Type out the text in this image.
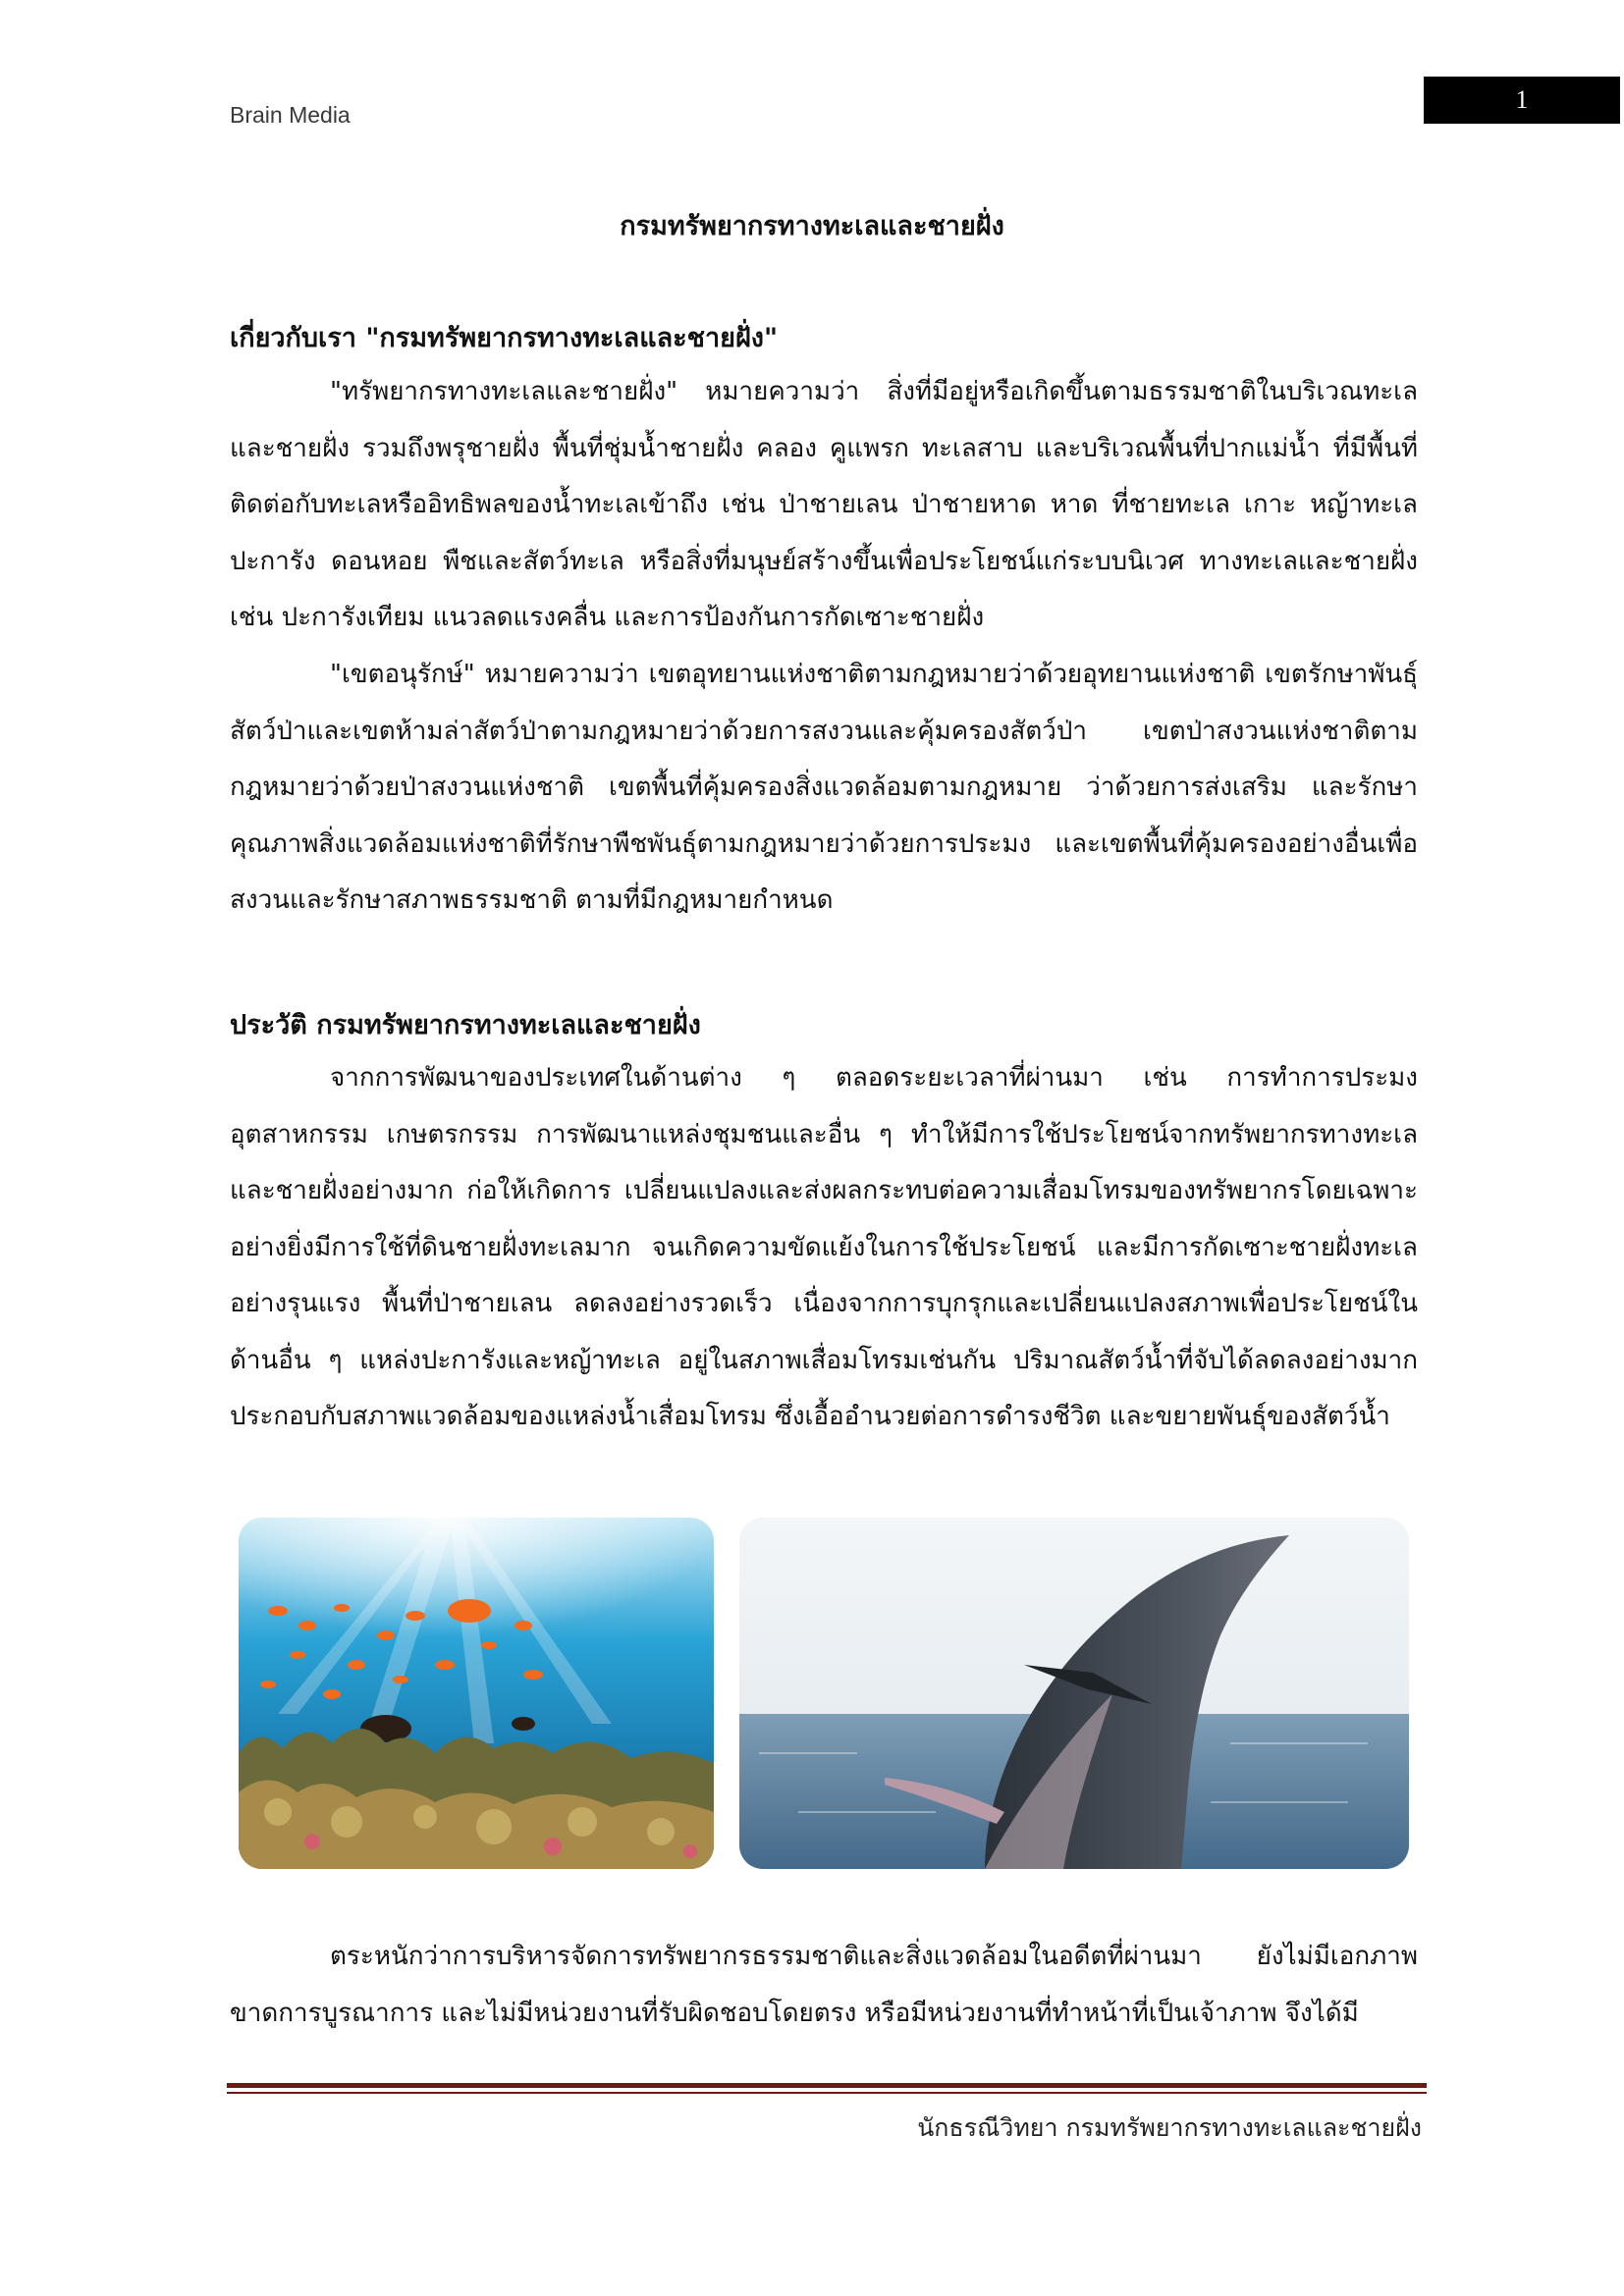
Brain Media
1
กรมทรัพยากรทางทะเลและชายฝั่ง
เกี่ยวกับเรา "กรมทรัพยากรทางทะเลและชายฝั่ง"

"ทรัพยากรทางทะเลและชายฝั่ง" หมายความว่า สิ่งที่มีอยู่หรือเกิดขึ้นตามธรรมชาติในบริเวณทะเลและชายฝั่ง รวมถึงพรุชายฝั่ง พื้นที่ชุ่มน้ำชายฝั่ง คลอง คูแพรก ทะเลสาบ และบริเวณพื้นที่ปากแม่น้ำ ที่มีพื้นที่ติดต่อกับทะเลหรืออิทธิพลของน้ำทะเลเข้าถึง เช่น ป่าชายเลน ป่าชายหาด หาด ที่ชายทะเล เกาะ หญ้าทะเล ปะการัง ดอนหอย พืชและสัตว์ทะเล หรือสิ่งที่มนุษย์สร้างขึ้นเพื่อประโยชน์แก่ระบบนิเวศ ทางทะเลและชายฝั่ง เช่น ปะการังเทียม แนวลดแรงคลื่น และการป้องกันการกัดเซาะชายฝั่ง

"เขตอนุรักษ์" หมายความว่า เขตอุทยานแห่งชาติตามกฎหมายว่าด้วยอุทยานแห่งชาติ เขตรักษาพันธุ์สัตว์ป่าและเขตห้ามล่าสัตว์ป่าตามกฎหมายว่าด้วยการสงวนและคุ้มครองสัตว์ป่า เขตป่าสงวนแห่งชาติตามกฎหมายว่าด้วยป่าสงวนแห่งชาติ เขตพื้นที่คุ้มครองสิ่งแวดล้อมตามกฎหมาย ว่าด้วยการส่งเสริม และรักษาคุณภาพสิ่งแวดล้อมแห่งชาติที่รักษาพืชพันธุ์ตามกฎหมายว่าด้วยการประมง และเขตพื้นที่คุ้มครองอย่างอื่นเพื่อสงวนและรักษาสภาพธรรมชาติ ตามที่มีกฎหมายกำหนด

ประวัติ กรมทรัพยากรทางทะเลและชายฝั่ง

จากการพัฒนาของประเทศในด้านต่าง ๆ ตลอดระยะเวลาที่ผ่านมา เช่น การทำการประมง อุตสาหกรรม เกษตรกรรม การพัฒนาแหล่งชุมชนและอื่น ๆ ทำให้มีการใช้ประโยชน์จากทรัพยากรทางทะเลและชายฝั่งอย่างมาก ก่อให้เกิดการ เปลี่ยนแปลงและส่งผลกระทบต่อความเสื่อมโทรมของทรัพยากรโดยเฉพาะอย่างยิ่งมีการใช้ที่ดินชายฝั่งทะเลมาก จนเกิดความขัดแย้งในการใช้ประโยชน์ และมีการกัดเซาะชายฝั่งทะเลอย่างรุนแรง พื้นที่ป่าชายเลน ลดลงอย่างรวดเร็ว เนื่องจากการบุกรุกและเปลี่ยนแปลงสภาพเพื่อประโยชน์ในด้านอื่น ๆ แหล่งปะการังและหญ้าทะเล อยู่ในสภาพเสื่อมโทรมเช่นกัน ปริมาณสัตว์น้ำที่จับได้ลดลงอย่างมาก ประกอบกับสภาพแวดล้อมของแหล่งน้ำเสื่อมโทรม ซึ่งเอื้ออำนวยต่อการดำรงชีวิต และขยายพันธุ์ของสัตว์น้ำ

ตระหนักว่าการบริหารจัดการทรัพยากรธรรมชาติและสิ่งแวดล้อมในอดีตที่ผ่านมา ยังไม่มีเอกภาพ ขาดการบูรณาการ และไม่มีหน่วยงานที่รับผิดชอบโดยตรง หรือมีหน่วยงานที่ทำหน้าที่เป็นเจ้าภาพ จึงได้มี

นักธรณีวิทยา กรมทรัพยากรทางทะเลและชายฝั่ง
